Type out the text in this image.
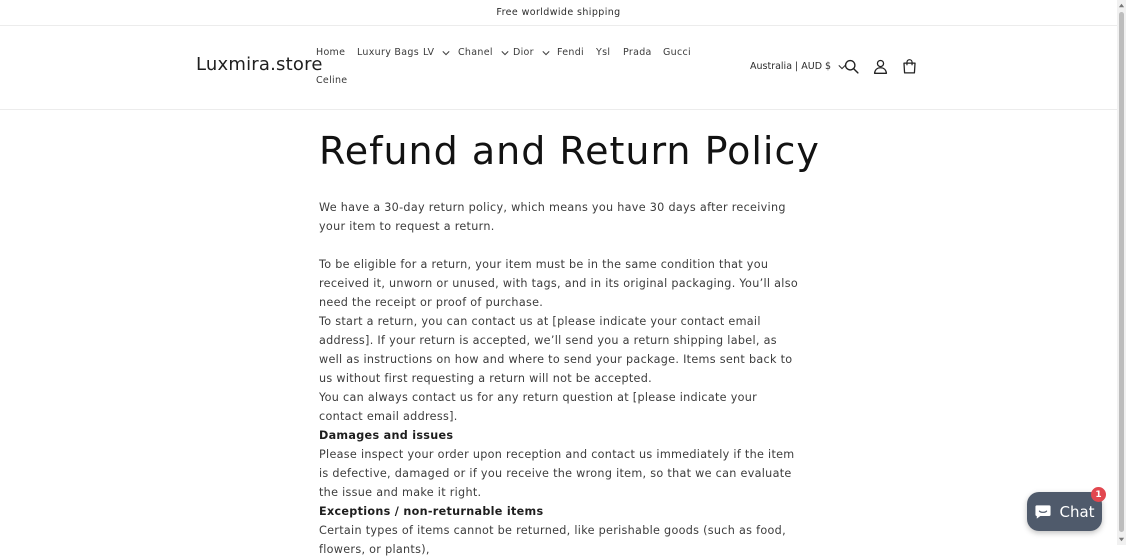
Free worldwide shipping
Luxmira.store
Home Luxury Bags LV Chanel Dior Fendi Ysl Prada Gucci
Celine
Australia | AUD $
Refund and Return Policy

We have a 30-day return policy, which means you have 30 days after receiving your item to request a return.

To be eligible for a return, your item must be in the same condition that you received it, unworn or unused, with tags, and in its original packaging. You’ll also need the receipt or proof of purchase.

To start a return, you can contact us at [please indicate your contact email address]. If your return is accepted, we’ll send you a return shipping label, as well as instructions on how and where to send your package. Items sent back to us without first requesting a return will not be accepted.

You can always contact us for any return question at [please indicate your contact email address].

Damages and issues
Please inspect your order upon reception and contact us immediately if the item is defective, damaged or if you receive the wrong item, so that we can evaluate the issue and make it right.

Exceptions / non-returnable items
Certain types of items cannot be returned, like perishable goods (such as food, flowers, or plants),

Chat
1
